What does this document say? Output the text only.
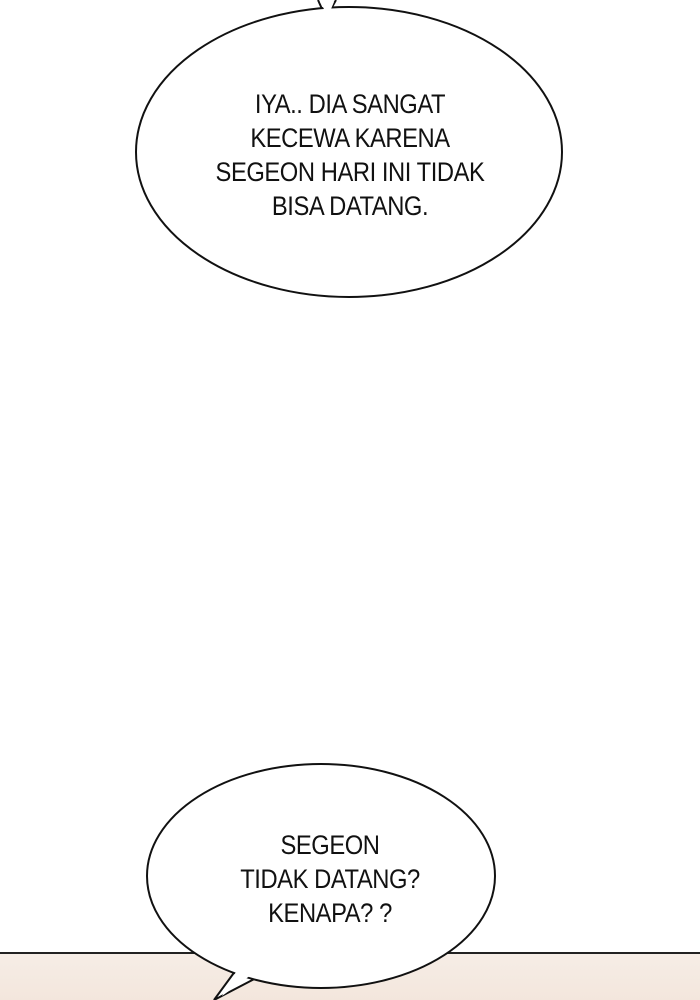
IYA.. DIA SANGAT
KECEWA KARENA
SEGEON HARI INI TIDAK
BISA DATANG.
SEGEON
TIDAK DATANG?
KENAPA? ?
